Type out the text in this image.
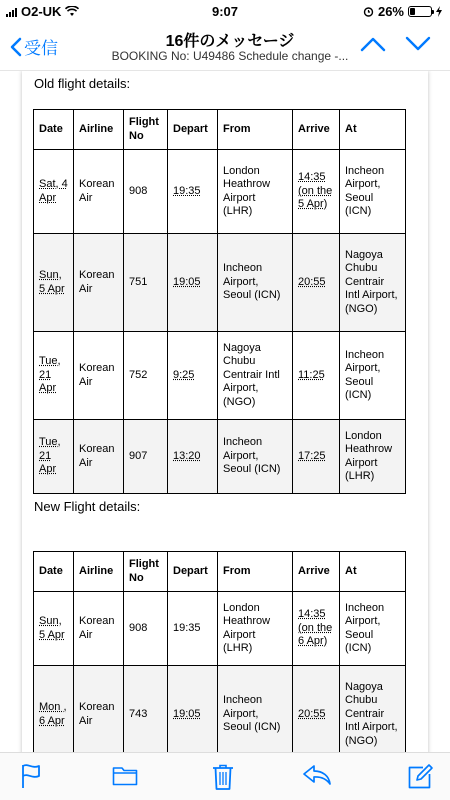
O2-UK	9:07	26%
受信	16件のメッセージ
BOOKING No: U49486 Schedule change -...
Old flight details:
Date	Airline	Flight No	Depart	From	Arrive	At
Sat, 4 Apr	Korean Air	908	19:35	London Heathrow Airport (LHR)	14:35 (on the 5 Apr)	Incheon Airport, Seoul (ICN)
Sun, 5 Apr	Korean Air	751	19:05	Incheon Airport, Seoul (ICN)	20:55	Nagoya Chubu Centrair Intl Airport, (NGO)
Tue, 21 Apr	Korean Air	752	9:25	Nagoya Chubu Centrair Intl Airport, (NGO)	11:25	Incheon Airport, Seoul (ICN)
Tue, 21 Apr	Korean Air	907	13:20	Incheon Airport, Seoul (ICN)	17:25	London Heathrow Airport (LHR)
New Flight details:
Date	Airline	Flight No	Depart	From	Arrive	At
Sun, 5 Apr	Korean Air	908	19:35	London Heathrow Airport (LHR)	14:35 (on the 6 Apr)	Incheon Airport, Seoul (ICN)
Mon , 6 Apr	Korean Air	743	19:05	Incheon Airport, Seoul (ICN)	20:55	Nagoya Chubu Centrair Intl Airport, (NGO)
